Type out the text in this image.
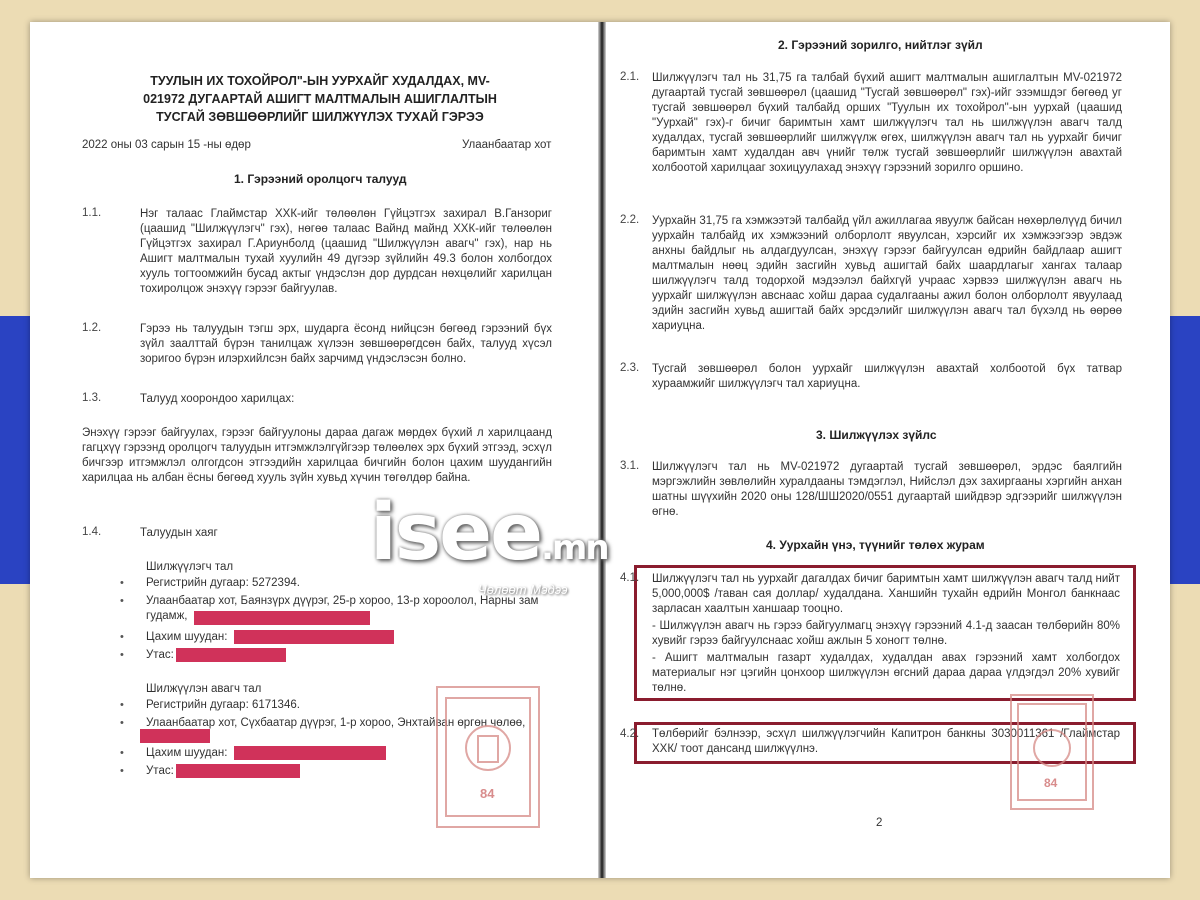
ТУУЛЫН ИХ ТОХОЙРОЛ"-ЫН УУРХАЙГ ХУДАЛДАХ, MV-021972 ДУГААРТАЙ АШИГТ МАЛТМАЛЫН АШИГЛАЛТЫН ТУСГАЙ ЗӨВШӨӨРЛИЙГ ШИЛЖҮҮЛЭХ ТУХАЙ ГЭРЭЭ
2022 оны 03 сарын 15 -ны өдөр	Улаанбаатар хот
1. Гэрээний оролцогч талууд
1.1.	Нэг талаас Глаймстар ХХК-ийг төлөөлөн Гүйцэтгэх захирал В.Ганзориг (цаашид "Шилжүүлэгч" гэх), нөгөө талаас Вайнд майнд ХХК-ийг төлөөлөн Гүйцэтгэх захирал Г.Ариунболд (цаашид "Шилжүүлэн авагч" гэх), нар нь Ашигт малтмалын тухай хуулийн 49 дүгээр зүйлийн 49.3 болон холбогдох хууль тогтоомжийн бусад актыг үндэслэн дор дурдсан нөхцөлийг харилцан тохиролцож энэхүү гэрээг байгуулав.
1.2.	Гэрээ нь талуудын тэгш эрх, шударга ёсонд нийцсэн бөгөөд гэрээний бүх зүйл заалттай бүрэн танилцаж хүлээн зөвшөөрөгдсөн байх, талууд хүсэл зоригоо бүрэн илэрхийлсэн байх зарчимд үндэслэсэн болно.
1.3.	Талууд хоорондоо харилцах:
Энэхүү гэрээг байгуулах, гэрээг байгуулоны дараа дагаж мөрдөх бүхий л харилцаанд гагцхүү гэрээнд оролцогч талуудын итгэмжлэлгүйгээр төлөөлөх эрх бүхий этгээд, эсхүл бичгээр итгэмжлэл олгогдсон этгээдийн харилцаа бичгийн болон цахим шуудангийн харилцаа нь албан ёсны бөгөөд хууль зүйн хувьд хүчин төгөлдөр байна.
1.4.	Талуудын хаяг
Шилжүүлэгч тал
• Регистрийн дугаар: 5272394.
• Улаанбаатар хот, Баянзүрх дүүрэг, 25-р хороо, 13-р хороолол, Нарны зам гудамж,
• Цахим шуудан:
• Утас:
Шилжүүлэн авагч тал
• Регистрийн дугаар: 6171346.
• Улаанбаатар хот, Сүхбаатар дүүрэг, 1-р хороо, Энхтайван өргөн чөлөө,
• Цахим шуудан:
• Утас:
84
2. Гэрээний зорилго, нийтлэг зүйл
2.1. Шилжүүлэгч тал нь 31,75 га талбай бүхий ашигт малтмалын ашиглалтын MV-021972 дугаартай тусгай зөвшөөрөл (цаашид "Тусгай зөвшөөрөл" гэх)-ийг эзэмшдэг бөгөөд уг тусгай зөвшөөрөл бүхий талбайд орших "Туулын их тохойрол"-ын уурхай (цаашид "Уурхай" гэх)-г бичиг баримтын хамт шилжүүлэгч тал нь шилжүүлэн авагч талд худалдах, тусгай зөвшөөрлийг шилжүүлж өгөх, шилжүүлэн авагч тал нь уурхайг бичиг баримтын хамт худалдан авч үнийг төлж тусгай зөвшөөрлийг шилжүүлэн авахтай холбоотой харилцааг зохицуулахад энэхүү гэрээний зорилго оршино.
2.2. Уурхайн 31,75 га хэмжээтэй талбайд үйл ажиллагаа явуулж байсан нөхөрлөлүүд бичил уурхайн талбайд их хэмжээний олборлолт явуулсан, хэрсийг их хэмжээгээр эвдэж анхны байдлыг нь алдагдуулсан, энэхүү гэрээг байгуулсан өдрийн байдлаар ашигт малтмалын нөөц эдийн засгийн хувьд ашигтай байх шаардлагыг хангах талаар шилжүүлэгч талд тодорхой мэдээлэл байхгүй учраас хэрвээ шилжүүлэн авагч нь уурхайг шилжүүлэн авснаас хойш дараа судалгааны ажил болон олборлолт явуулаад эдийн засгийн хувьд ашигтай байх эрсдэлийг шилжүүлэн авагч тал бүхэлд нь өөрөө хариуцна.
2.3. Тусгай зөвшөөрөл болон уурхайг шилжүүлэн авахтай холбоотой бүх татвар хураамжийг шилжүүлэгч тал хариуцна.
3. Шилжүүлэх зүйлс
3.1. Шилжүүлэгч тал нь MV-021972 дугаартай тусгай зөвшөөрөл, эрдэс баялгийн мэргэжлийн зөвлөлийн хуралдааны тэмдэглэл, Нийслэл дэх захиргааны хэргийн анхан шатны шүүхийн 2020 оны 128/ШШ2020/0551 дугаартай шийдвэр эдгээрийг шилжүүлэн өгнө.
4. Уурхайн үнэ, түүнийг төлөх журам
4.1. Шилжүүлэгч тал нь уурхайг дагалдах бичиг баримтын хамт шилжүүлэн авагч талд нийт 5,000,000$ /таван сая доллар/ худалдана. Ханшийн тухайн өдрийн Монгол банкнаас зарласан хаалтын ханшаар тооцно.
- Шилжүүлэн авагч нь гэрээ байгуулмагц энэхүү гэрээний 4.1-д заасан төлбөрийн 80% хувийг гэрээ байгуулснаас хойш ажлын 5 хоногт төлнө.
- Ашигт малтмалын газарт худалдах, худалдан авах гэрээний хамт холбогдох материалыг нэг цэгийн цонхоор шилжүүлэн өгсний дараа дараа үлдэгдэл 20% хувийг төлнө.
4.2. Төлбөрийг бэлнээр, эсхүл шилжүүлэгчийн Капитрон банкны 3030011361 /Глаймстар ХХК/ тоот дансанд шилжүүлнэ.
84
2
isee.mn
Чөлөөт Мэдээ
